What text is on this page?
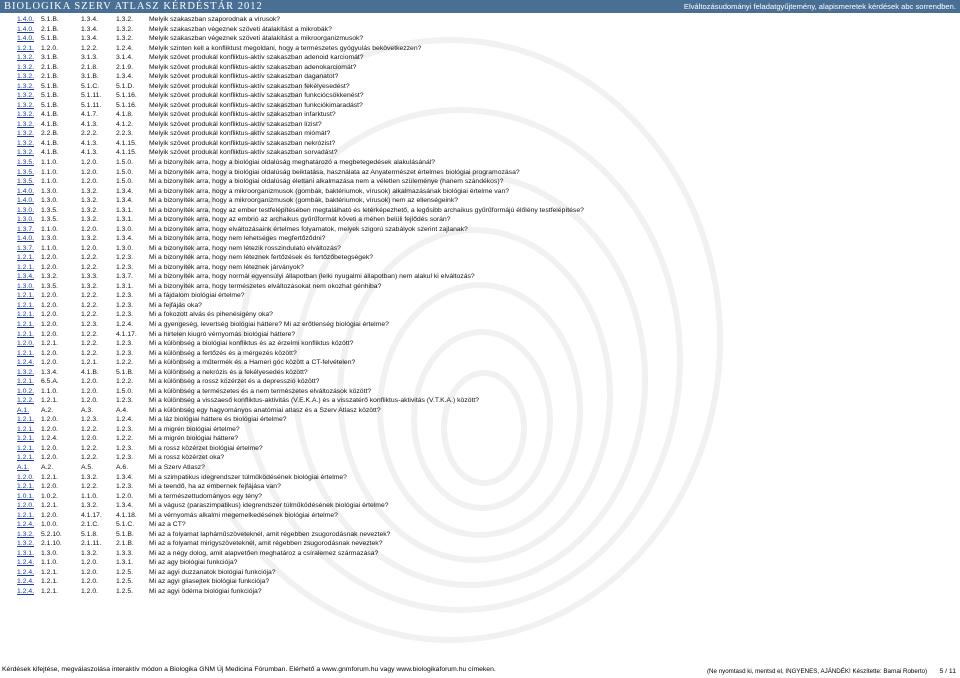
BIOLOGIKA SZERV ATLASZ KÉRDÉSTÁR 2012	Elváltozásudományi feladatgyűjtemény, alapismeretek kérdések abc sorrendben.
1.4.0.	5.1.B.	1.3.4.	1.3.2.	Melyik szakaszban szaporodnak a vírusok?
1.4.0.	2.1.B.	1.3.4.	1.3.2.	Melyik szakaszban végeznek szöveti átalakítást a mikrobák?
1.4.0.	5.1.B.	1.3.4.	1.3.2.	Melyik szakaszban végeznek szöveti átalakítást a mikroorganizmusok?
1.2.1.	1.2.0.	1.2.2.	1.2.4.	Melyik szinten kell a konfliktust megoldani, hogy a természetes gyógyulás bekövetkezzen?
1.3.2.	3.1.B.	3.1.3.	3.1.4.	Melyik szövet produkál konfliktus-aktív szakaszban adenoid karciomát?
1.3.2.	2.1.B.	2.1.8.	2.1.9.	Melyik szövet produkál konfliktus-aktív szakaszban adenokarciomát?
1.3.2.	2.1.B.	3.1.B.	1.3.4.	Melyik szövet produkál konfliktus-aktív szakaszban daganatot?
1.3.2.	5.1.B.	5.1.C.	5.1.D.	Melyik szövet produkál konfliktus-aktív szakaszban fekélyesedést?
1.3.2.	5.1.B.	5.1.11.	5.1.16.	Melyik szövet produkál konfliktus-aktív szakaszban funkciócsökkenést?
1.3.2.	5.1.B.	5.1.11.	5.1.16.	Melyik szövet produkál konfliktus-aktív szakaszban funkciókimaradást?
1.3.2.	4.1.B.	4.1.7.	4.1.8.	Melyik szövet produkál konfliktus-aktív szakaszban infarktust?
1.3.2.	4.1.B.	4.1.3.	4.1.2.	Melyik szövet produkál konfliktus-aktív szakaszban lízist?
1.3.2.	2.2.B.	2.2.2.	2.2.3.	Melyik szövet produkál konfliktus-aktív szakaszban miómát?
1.3.2.	4.1.B.	4.1.3.	4.1.15.	Melyik szövet produkál konfliktus-aktív szakaszban nekrózist?
1.3.2.	4.1.B.	4.1.3.	4.1.15.	Melyik szövet produkál konfliktus-aktív szakaszban sorvadást?
1.3.5.	1.1.0.	1.2.0.	1.5.0.	Mi a bizonyíték arra, hogy a biológiai oldalúság meghatározó a megbetegedések alakulásánál?
1.3.5.	1.1.0.	1.2.0.	1.5.0.	Mi a bizonyíték arra, hogy a biológiai oldalúság beiktatása, használata az Anyatermészet értelmes biológiai programozása?
1.3.5.	1.1.0.	1.2.0.	1.5.0.	Mi a bizonyíték arra, hogy a biológiai oldalúság élettani alkalmazása nem a véletlen szüleménye (hanem szándékos)?
1.4.0.	1.3.0.	1.3.2.	1.3.4.	Mi a bizonyíték arra, hogy a mikroorganizmusok (gombák, baktériumok, vírusok) alkalmazásának biológiai értelme van?
1.4.0.	1.3.0.	1.3.2.	1.3.4.	Mi a bizonyíték arra, hogy a mikroorganizmusok (gombák, baktériumok, vírusok) nem az ellenségeink?
1.3.0.	1.3.5.	1.3.2.	1.3.1.	Mi a bizonyíték arra, hogy az ember testfelépítésében megtalálható és letérképezhető, a legősibb archaikus gyűrűformájú élőlény testfelépítése?
1.3.0.	1.3.5.	1.3.2.	1.3.1.	Mi a bizonyíték arra, hogy az embrió az archaikus gyűrűformát követi a méhen belüli fejlődés során?
1.3.7.	1.1.0.	1.2.0.	1.3.0.	Mi a bizonyíték arra, hogy elváltozásaink értelmes folyamatok, melyek szigorú szabályok szerint zajlanak?
1.4.0.	1.3.0.	1.3.2.	1.3.4.	Mi a bizonyíték arra, hogy nem lehetséges megfertőződni?
1.3.7.	1.1.0.	1.2.0.	1.3.0.	Mi a bizonyíték arra, hogy nem létezik rosszindulatú elváltozás?
1.2.1.	1.2.0.	1.2.2.	1.2.3.	Mi a bizonyíték arra, hogy nem léteznek fertőzések és fertőzőbetegségek?
1.2.1.	1.2.0.	1.2.2.	1.2.3.	Mi a bizonyíték arra, hogy nem léteznek járványok?
1.3.4.	1.3.2.	1.3.3.	1.3.7.	Mi a bizonyíték arra, hogy normál egyensúlyi állapotban (lelki nyugalmi állapotban) nem alakul ki elváltozás?
1.3.0.	1.3.5.	1.3.2.	1.3.1.	Mi a bizonyíték arra, hogy természetes elváltozásokat nem okozhat génhiba?
1.2.1.	1.2.0.	1.2.2.	1.2.3.	Mi a fájdalom biológiai értelme?
1.2.1.	1.2.0.	1.2.2.	1.2.3.	Mi a fejfájás oka?
1.2.1.	1.2.0.	1.2.2.	1.2.3.	Mi a fokozott alvás és pihenésigény oka?
1.2.1.	1.2.0.	1.2.3.	1.2.4.	Mi a gyengeség, levertség biológiai háttere? Mi az erőtlenség biológiai értelme?
1.2.1.	1.2.0.	1.2.2.	4.1.17.	Mi a hirtelen kiugró vérnyomás biológiai háttere?
1.2.0.	1.2.1.	1.2.2.	1.2.3.	Mi a különbség a biológiai konfliktus és az érzelmi konfliktus között?
1.2.1.	1.2.0.	1.2.2.	1.2.3.	Mi a különbség a fertőzés és a mérgezés között?
1.2.4.	1.2.0.	1.2.1.	1.2.2.	Mi a különbség a műtermék és a Hameri góc között a CT-felvételen?
1.3.2.	1.3.4.	4.1.B.	5.1.B.	Mi a különbség a nekrózis és a fekélyesedés között?
1.2.1.	6.5.A.	1.2.0.	1.2.2.	Mi a különbség a rossz közérzet és a depresszió között?
1.0.2.	1.1.0.	1.2.0.	1.5.0.	Mi a különbség a természetes és a nem természetes elváltozások között?
1.2.2.	1.2.1.	1.2.0.	1.2.3.	Mi a különbség a visszaeső konfliktus-aktivitás (V.E.K.A.) és a visszatérő konfliktus-aktivitás (V.T.K.A.) között?
A.1.	A.2.	A.3.	A.4.	Mi a különbség egy hagyományos anatómiai atlasz és a Szerv Atlasz között?
1.2.1.	1.2.0.	1.2.3.	1.2.4.	Mi a láz biológiai háttere és biológiai értelme?
1.2.1.	1.2.0.	1.2.2.	1.2.3.	Mi a migrén biológiai értelme?
1.2.1.	1.2.4.	1.2.0.	1.2.2.	Mi a migrén biológiai háttere?
1.2.1.	1.2.0.	1.2.2.	1.2.3.	Mi a rossz közérzet biológiai értelme?
1.2.1.	1.2.0.	1.2.2.	1.2.3.	Mi a rossz közérzet oka?
A.1.	A.2.	A.5.	A.6.	Mi a Szerv Atlasz?
1.2.0.	1.2.1.	1.3.2.	1.3.4.	Mi a szimpatikus idegrendszer túlműködésének biológiai értelme?
1.2.1.	1.2.0.	1.2.2.	1.2.3.	Mi a teendő, ha az embernek fejfájása van?
1.0.1.	1.0.2.	1.1.0.	1.2.0.	Mi a természettudományos egy tény?
1.2.0.	1.2.1.	1.3.2.	1.3.4.	Mi a vágusz (paraszimpatikus) idegrendszer túlműködésének biológiai értelme?
1.2.1.	1.2.0.	4.1.17.	4.1.18.	Mi a vérnyomás alkalmi megemelkedésének biológiai értelme?
1.2.4.	1.0.0.	2.1.C.	5.1.C.	Mi az a CT?
1.3.2.	5.2.10.	5.1.8.	5.1.B.	Mi az a folyamat lapháműszöveteknél, amit régebben zsugorodásnak neveztek?
1.3.2.	2.1.10.	2.1.11.	2.1.B.	Mi az a folyamat mirigyszöveteknél, amit régebben zsugorodásnak neveztek?
1.3.1.	1.3.0.	1.3.2.	1.3.3.	Mi az a négy dolog, amit alapvetően meghatároz a csíralemez származása?
1.2.4.	1.1.0.	1.2.0.	1.3.1.	Mi az agy biológiai funkciója?
1.2.4.	1.2.1.	1.2.0.	1.2.5.	Mi az agyi duzzanatok biológiai funkciója?
1.2.4.	1.2.1.	1.2.0.	1.2.5.	Mi az agyi gliasejtek biológiai funkciója?
1.2.4.	1.2.1.	1.2.0.	1.2.5.	Mi az agyi ödéma biológiai funkciója?
Kérdések kifejtése, megválaszolása interaktív módon a Biologika GNM Új Medicina Fórumban. Elérhető a www.gnmforum.hu vagy www.biologikaforum.hu címeken.	(Ne nyomtasd ki, mentsd el, INGYENES, AJÁNDÉK! Készítette: Barnai Roberto) 5 / 11
